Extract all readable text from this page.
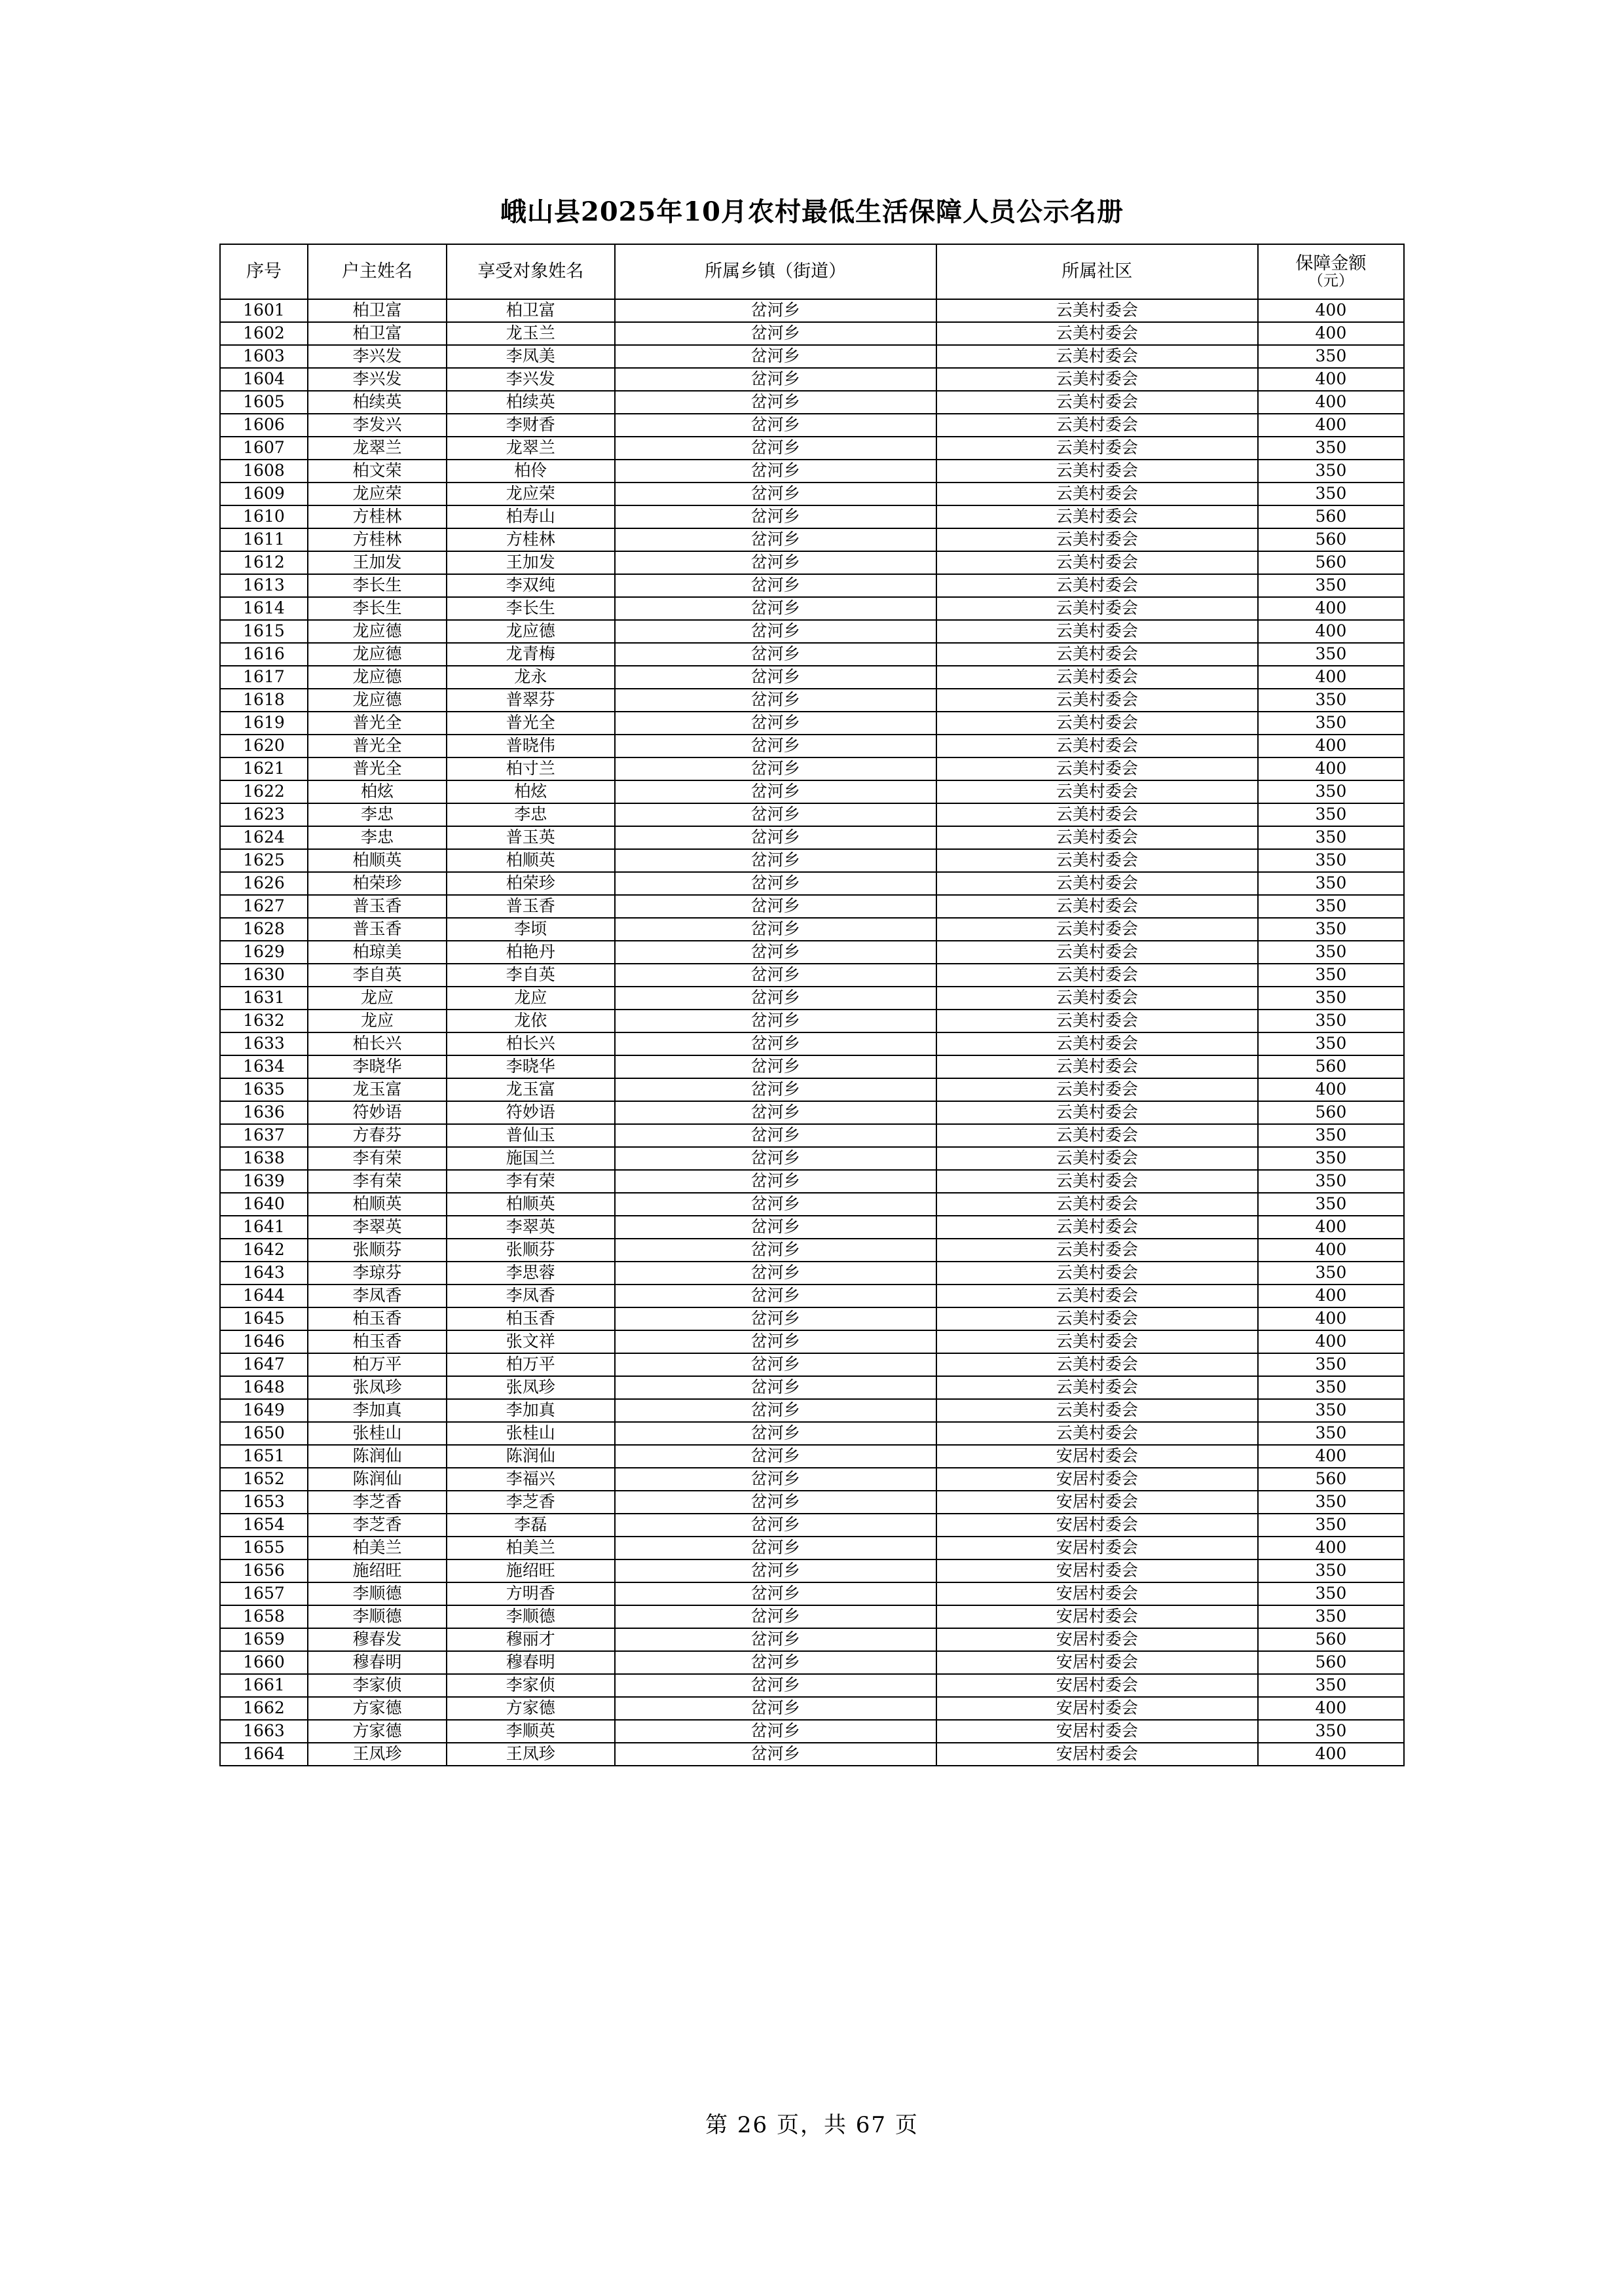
峨山县2025年10月农村最低生活保障人员公示名册
序号	户主姓名	享受对象姓名	所属乡镇（街道）	所属社区	保障金额
（元）

1601	柏卫富	柏卫富	岔河乡	云美村委会	400
1602	柏卫富	龙玉兰	岔河乡	云美村委会	400
1603	李兴发	李凤美	岔河乡	云美村委会	350
1604	李兴发	李兴发	岔河乡	云美村委会	400
1605	柏续英	柏续英	岔河乡	云美村委会	400
1606	李发兴	李财香	岔河乡	云美村委会	400
1607	龙翠兰	龙翠兰	岔河乡	云美村委会	350
1608	柏文荣	柏伶	岔河乡	云美村委会	350
1609	龙应荣	龙应荣	岔河乡	云美村委会	350
1610	方桂林	柏寿山	岔河乡	云美村委会	560
1611	方桂林	方桂林	岔河乡	云美村委会	560
1612	王加发	王加发	岔河乡	云美村委会	560
1613	李长生	李双纯	岔河乡	云美村委会	350
1614	李长生	李长生	岔河乡	云美村委会	400
1615	龙应德	龙应德	岔河乡	云美村委会	400
1616	龙应德	龙青梅	岔河乡	云美村委会	350
1617	龙应德	龙永	岔河乡	云美村委会	400
1618	龙应德	普翠芬	岔河乡	云美村委会	350
1619	普光全	普光全	岔河乡	云美村委会	350
1620	普光全	普晓伟	岔河乡	云美村委会	400
1621	普光全	柏寸兰	岔河乡	云美村委会	400
1622	柏炫	柏炫	岔河乡	云美村委会	350
1623	李忠	李忠	岔河乡	云美村委会	350
1624	李忠	普玉英	岔河乡	云美村委会	350
1625	柏顺英	柏顺英	岔河乡	云美村委会	350
1626	柏荣珍	柏荣珍	岔河乡	云美村委会	350
1627	普玉香	普玉香	岔河乡	云美村委会	350
1628	普玉香	李顷	岔河乡	云美村委会	350
1629	柏琼美	柏艳丹	岔河乡	云美村委会	350
1630	李自英	李自英	岔河乡	云美村委会	350
1631	龙应	龙应	岔河乡	云美村委会	350
1632	龙应	龙依	岔河乡	云美村委会	350
1633	柏长兴	柏长兴	岔河乡	云美村委会	350
1634	李晓华	李晓华	岔河乡	云美村委会	560
1635	龙玉富	龙玉富	岔河乡	云美村委会	400
1636	符妙语	符妙语	岔河乡	云美村委会	560
1637	方春芬	普仙玉	岔河乡	云美村委会	350
1638	李有荣	施国兰	岔河乡	云美村委会	350
1639	李有荣	李有荣	岔河乡	云美村委会	350
1640	柏顺英	柏顺英	岔河乡	云美村委会	350
1641	李翠英	李翠英	岔河乡	云美村委会	400
1642	张顺芬	张顺芬	岔河乡	云美村委会	400
1643	李琼芬	李思蓉	岔河乡	云美村委会	350
1644	李凤香	李凤香	岔河乡	云美村委会	400
1645	柏玉香	柏玉香	岔河乡	云美村委会	400
1646	柏玉香	张文祥	岔河乡	云美村委会	400
1647	柏万平	柏万平	岔河乡	云美村委会	350
1648	张凤珍	张凤珍	岔河乡	云美村委会	350
1649	李加真	李加真	岔河乡	云美村委会	350
1650	张桂山	张桂山	岔河乡	云美村委会	350
1651	陈润仙	陈润仙	岔河乡	安居村委会	400
1652	陈润仙	李福兴	岔河乡	安居村委会	560
1653	李芝香	李芝香	岔河乡	安居村委会	350
1654	李芝香	李磊	岔河乡	安居村委会	350
1655	柏美兰	柏美兰	岔河乡	安居村委会	400
1656	施绍旺	施绍旺	岔河乡	安居村委会	350
1657	李顺德	方明香	岔河乡	安居村委会	350
1658	李顺德	李顺德	岔河乡	安居村委会	350
1659	穆春发	穆丽才	岔河乡	安居村委会	560
1660	穆春明	穆春明	岔河乡	安居村委会	560
1661	李家侦	李家侦	岔河乡	安居村委会	350
1662	方家德	方家德	岔河乡	安居村委会	400
1663	方家德	李顺英	岔河乡	安居村委会	350
1664	王凤珍	王凤珍	岔河乡	安居村委会	400
第 26 页，共 67 页
